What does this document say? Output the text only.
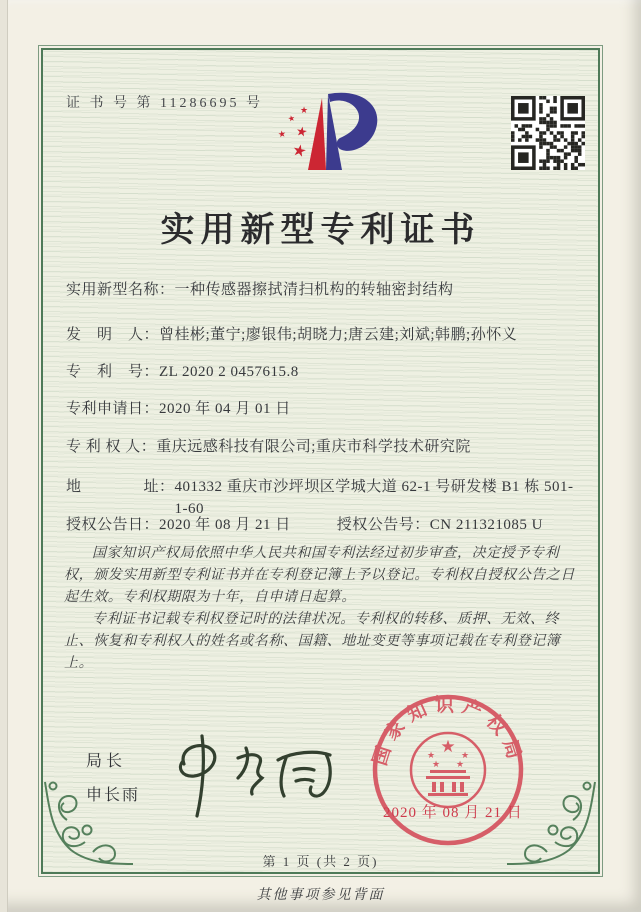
证 书 号 第 11286695 号	★
★
★
★
★
实用新型专利证书
实用新型名称： 一种传感器擦拭清扫机构的转轴密封结构
发　明　人： 曾桂彬;董宁;廖银伟;胡晓力;唐云建;刘斌;韩鹏;孙怀义
专　利　号： ZL 2020 2 0457615.8
专利申请日： 2020 年 04 月 01 日
专 利 权 人： 重庆远感科技有限公司;重庆市科学技术研究院
地　　　　址： 401332 重庆市沙坪坝区学城大道 62-1 号研发楼 B1 栋 501-1-60
授权公告日： 2020 年 08 月 21 日	授权公告号： CN 211321085 U

国家知识产权局依照中华人民共和国专利法经过初步审查，决定授予专利权，颁发实用新型专利证书并在专利登记簿上予以登记。专利权自授权公告之日起生效。专利权期限为十年，自申请日起算。

专利证书记载专利权登记时的法律状况。专利权的转移、质押、无效、终止、恢复和专利权人的姓名或名称、国籍、地址变更等事项记载在专利登记簿上。

局长
申长雨
国家知识产权局
★
★	★
★ ★
2020 年 08 月 21 日
第 1 页 (共 2 页)
其他事项参见背面
